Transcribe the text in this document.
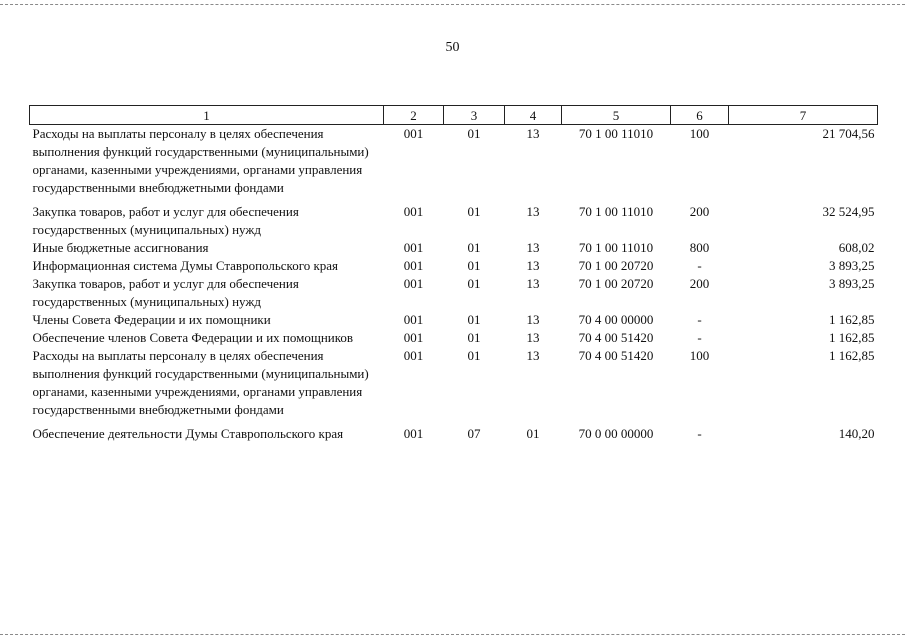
50
1	2	3	4	5	6	7
Расходы на выплаты персоналу в целях обеспечения выполнения функций государственными (муниципальными) органами, казенными учреждениями, органами управления государственными внебюджетными фондами	001	01	13	70 1 00 11010	100	21 704,56
Закупка товаров, работ и услуг для обеспечения государственных (муниципальных) нужд	001	01	13	70 1 00 11010	200	32 524,95
Иные бюджетные ассигнования	001	01	13	70 1 00 11010	800	608,02
Информационная система Думы Ставропольского края	001	01	13	70 1 00 20720	-	3 893,25
Закупка товаров, работ и услуг для обеспечения государственных (муниципальных) нужд	001	01	13	70 1 00 20720	200	3 893,25
Члены Совета Федерации и их помощники	001	01	13	70 4 00 00000	-	1 162,85
Обеспечение членов Совета Федерации и их помощников	001	01	13	70 4 00 51420	-	1 162,85
Расходы на выплаты персоналу в целях обеспечения выполнения функций государственными (муниципальными) органами, казенными учреждениями, органами управления государственными внебюджетными фондами	001	01	13	70 4 00 51420	100	1 162,85
Обеспечение деятельности Думы Ставропольского края	001	07	01	70 0 00 00000	-	140,20
